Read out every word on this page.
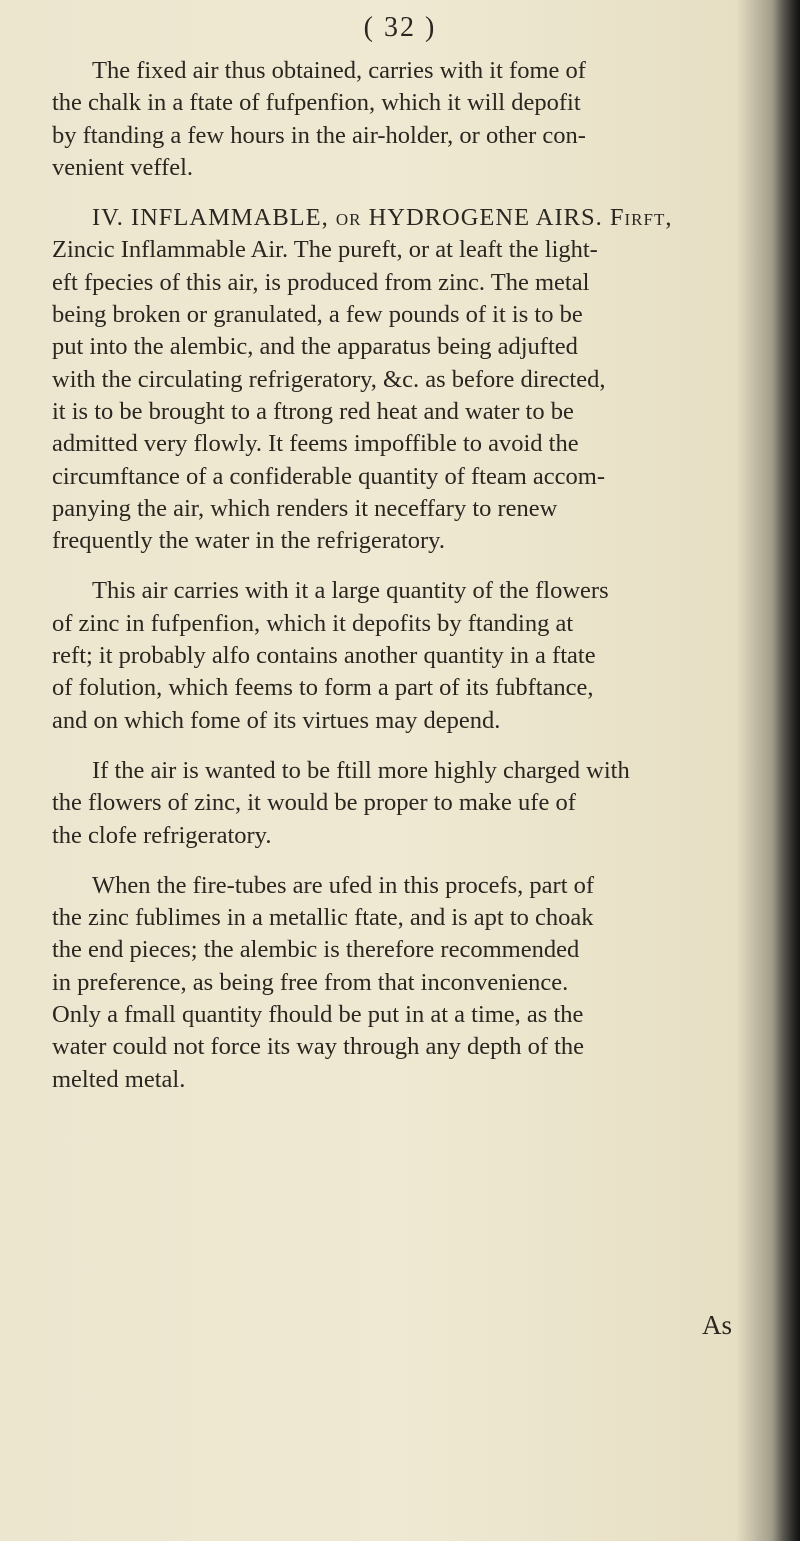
( 32 )
The fixed air thus obtained, carries with it fome of
the chalk in a ftate of fufpenfion, which it will depofit
by ftanding a few hours in the air-holder, or other con-
venient veffel.
IV. INFLAMMABLE, or HYDROGENE AIRS. Firft,
Zincic Inflammable Air. The pureft, or at leaft the light-
eft fpecies of this air, is produced from zinc. The metal
being broken or granulated, a few pounds of it is to be
put into the alembic, and the apparatus being adjufted
with the circulating refrigeratory, &c. as before directed,
it is to be brought to a ftrong red heat and water to be
admitted very flowly. It feems impoffible to avoid the
circumftance of a confiderable quantity of fteam accom-
panying the air, which renders it neceffary to renew
frequently the water in the refrigeratory.
This air carries with it a large quantity of the flowers
of zinc in fufpenfion, which it depofits by ftanding at
reft; it probably alfo contains another quantity in a ftate
of folution, which feems to form a part of its fubftance,
and on which fome of its virtues may depend.
If the air is wanted to be ftill more highly charged with
the flowers of zinc, it would be proper to make ufe of
the clofe refrigeratory.
When the fire-tubes are ufed in this procefs, part of
the zinc fublimes in a metallic ftate, and is apt to choak
the end pieces; the alembic is therefore recommended
in preference, as being free from that inconvenience.
Only a fmall quantity fhould be put in at a time, as the
water could not force its way through any depth of the
melted metal.
As
